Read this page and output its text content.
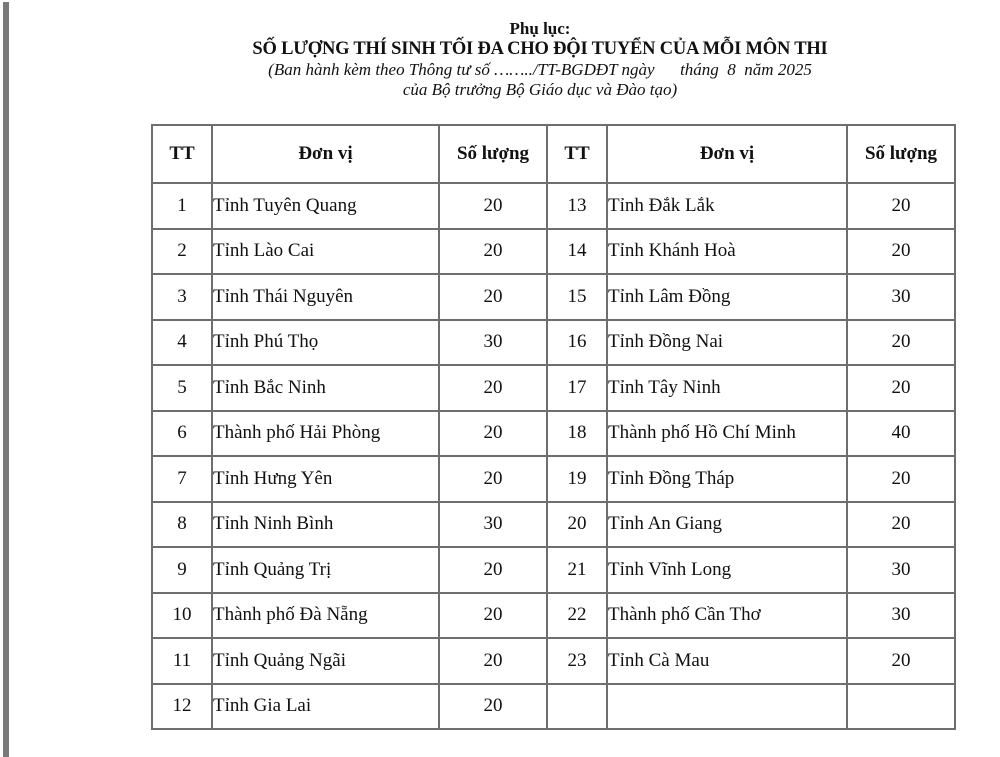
Phụ lục:
SỐ LƯỢNG THÍ SINH TỐI ĐA CHO ĐỘI TUYỂN CỦA MỖI MÔN THI
(Ban hành kèm theo Thông tư số ……../TT-BGDĐT ngày      tháng  8  năm 2025
của Bộ trưởng Bộ Giáo dục và Đào tạo)
TT	Đơn vị	Số lượng	TT	Đơn vị	Số lượng
1	Tỉnh Tuyên Quang	20	13	Tỉnh Đắk Lắk	20
2	Tỉnh Lào Cai	20	14	Tỉnh Khánh Hoà	20
3	Tỉnh Thái Nguyên	20	15	Tỉnh Lâm Đồng	30
4	Tỉnh Phú Thọ	30	16	Tỉnh Đồng Nai	20
5	Tỉnh Bắc Ninh	20	17	Tỉnh Tây Ninh	20
6	Thành phố Hải Phòng	20	18	Thành phố Hồ Chí Minh	40
7	Tỉnh Hưng Yên	20	19	Tỉnh Đồng Tháp	20
8	Tỉnh Ninh Bình	30	20	Tỉnh An Giang	20
9	Tỉnh Quảng Trị	20	21	Tỉnh Vĩnh Long	30
10	Thành phố Đà Nẵng	20	22	Thành phố Cần Thơ	30
11	Tỉnh Quảng Ngãi	20	23	Tỉnh Cà Mau	20
12	Tỉnh Gia Lai	20			
